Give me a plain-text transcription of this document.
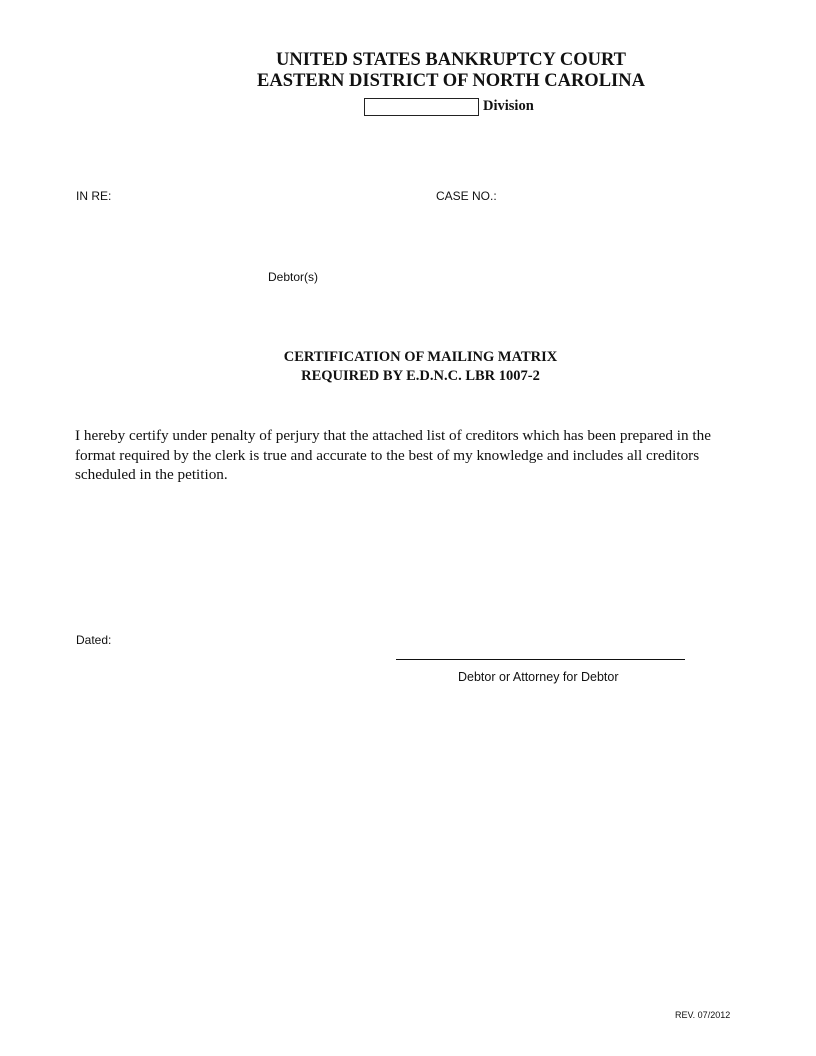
UNITED STATES BANKRUPTCY COURT
EASTERN DISTRICT OF NORTH CAROLINA
Division
IN RE:	CASE NO.:
Debtor(s)
CERTIFICATION OF MAILING MATRIX
REQUIRED BY E.D.N.C. LBR 1007-2
I hereby certify under penalty of perjury that the attached list of creditors which has been prepared in the format required by the clerk is true and accurate to the best of my knowledge and includes all creditors scheduled in the petition.
Dated:
Debtor or Attorney for Debtor
REV. 07/2012
